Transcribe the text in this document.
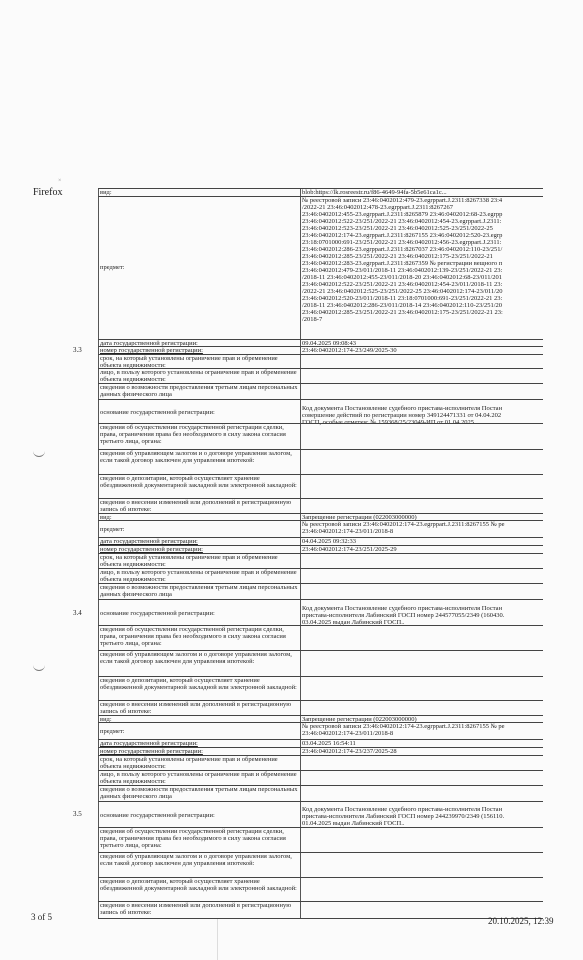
×
Firefox
3.3
3.4
3.5
вид:	blob:https://lk.rosreestr.ru/f86-4649-94fa-5b5e61ca1c...
предмет:
№ реестровой записи 23:46:0402012:479-23.egrppart.J.2311:8267338 23:4
/2022-21 23:46:0402012:478-23.egrppart.J.2311:8267267
23:46:0402012:455-23.egrppart.J.2311:8265879 23:46:0402012:68-23.egrpp
23:46:0402012:522-23/251/2022-21 23:46:0402012:454-23.egrppart.J.2311:
23:46:0402012:523-23/251/2022-21 23:46:0402012:525-23/251/2022-25
23:46:0402012:174-23.egrppart.J.2311:8267155 23:46:0402012:520-23.egrp
23:18:0701000:691-23/251/2022-21 23:46:0402012:456-23.egrppart.J.2311:
23:46:0402012:286-23.egrppart.J.2311:8267037 23:46:0402012:110-23/251/
23:46:0402012:285-23/251/2022-21 23:46:0402012:175-23/251/2022-21
23:46:0402012:283-23.egrppart.J.2311:8267359 № регистрации вещного п
23:46:0402012:479-23/011/2018-11 23:46:0402012:139-23/251/2022-21 23:
/2018-11 23:46:0402012:455-23/011/2018-20 23:46:0402012:68-23/011/201
23:46:0402012:522-23/251/2022-21 23:46:0402012:454-23/011/2018-11 23:
/2022-21 23:46:0402012:525-23/251/2022-25 23:46:0402012:174-23/011/20
23:46:0402012:520-23/011/2018-11 23:18:0701000:691-23/251/2022-21 23:
/2018-11 23:46:0402012:286-23/011/2018-14 23:46:0402012:110-23/251/20
23:46:0402012:285-23/251/2022-21 23:46:0402012:175-23/251/2022-21 23:
/2018-7
дата государственной регистрации:	09.04.2025 09:08:43
номер государственной регистрации:	23:46:0402012:174-23/249/2025-30
срок, на который установлены ограничение прав и обременение объекта недвижимости:
лицо, в пользу которого установлены ограничение прав и обременение объекта недвижимости:
сведения о возможности предоставления третьим лицам персональных данных физического лица
основание государственной регистрации:
Код документа Постановление судебного пристава-исполнителя Постан
совершение действий по регистрации номер 349124471331 от 04.04.202
ГОСП, особые отметки: № 159368/25/23049-ИП от 01.04.2025.
сведения об осуществлении государственной регистрации сделки, права, ограничения права без необходимого в силу закона согласия третьего лица, органа:
сведения об управляющем залогом и о договоре управления залогом, если такой договор заключен для управления ипотекой:
сведения о депозитарии, который осуществляет хранение обездвиженной документарной закладной или электронной закладной:
сведения о внесении изменений или дополнений в регистрационную запись об ипотеке:
вид:	Запрещение регистрации (022003000000)
предмет:
№ реестровой записи 23:46:0402012:174-23.egrppart.J.2311:8267155 № ре
23:46:0402012:174-23/011/2018-8
дата государственной регистрации:	04.04.2025 09:32:33
номер государственной регистрации:	23:46:0402012:174-23/251/2025-29
срок, на который установлены ограничение прав и обременение объекта недвижимости:
лицо, в пользу которого установлены ограничение прав и обременение объекта недвижимости:
сведения о возможности предоставления третьим лицам персональных данных физического лица
основание государственной регистрации:
Код документа Постановление судебного пристава-исполнителя Постан
пристава-исполнителя Лабинский ГОСП номер 244577055/2349 (160430.
03.04.2025 выдан Лабинский ГОСП..
сведения об осуществлении государственной регистрации сделки, права, ограничения права без необходимого в силу закона согласия третьего лица, органа:
сведения об управляющем залогом и о договоре управления залогом, если такой договор заключен для управления ипотекой:
сведения о депозитарии, который осуществляет хранение обездвиженной документарной закладной или электронной закладной:
сведения о внесении изменений или дополнений в регистрационную запись об ипотеке:
вид:	Запрещение регистрации (022003000000)
предмет:
№ реестровой записи 23:46:0402012:174-23.egrppart.J.2311:8267155 № ре
23:46:0402012:174-23/011/2018-8
дата государственной регистрации:	03.04.2025 16:54:11
номер государственной регистрации:	23:46:0402012:174-23/237/2025-28
срок, на который установлены ограничение прав и обременение объекта недвижимости:
лицо, в пользу которого установлены ограничение прав и обременение объекта недвижимости:
сведения о возможности предоставления третьим лицам персональных данных физического лица
основание государственной регистрации:
Код документа Постановление судебного пристава-исполнителя Постан
пристава-исполнителя Лабинский ГОСП номер 244239970/2349 (156110.
01.04.2025 выдан Лабинский ГОСП..
сведения об осуществлении государственной регистрации сделки, права, ограничения права без необходимого в силу закона согласия третьего лица, органа:
сведения об управляющем залогом и о договоре управления залогом, если такой договор заключен для управления ипотекой:
сведения о депозитарии, который осуществляет хранение обездвиженной документарной закладной или электронной закладной:
сведения о внесении изменений или дополнений в регистрационную запись об ипотеке:
3 of 5	20.10.2025, 12:39
